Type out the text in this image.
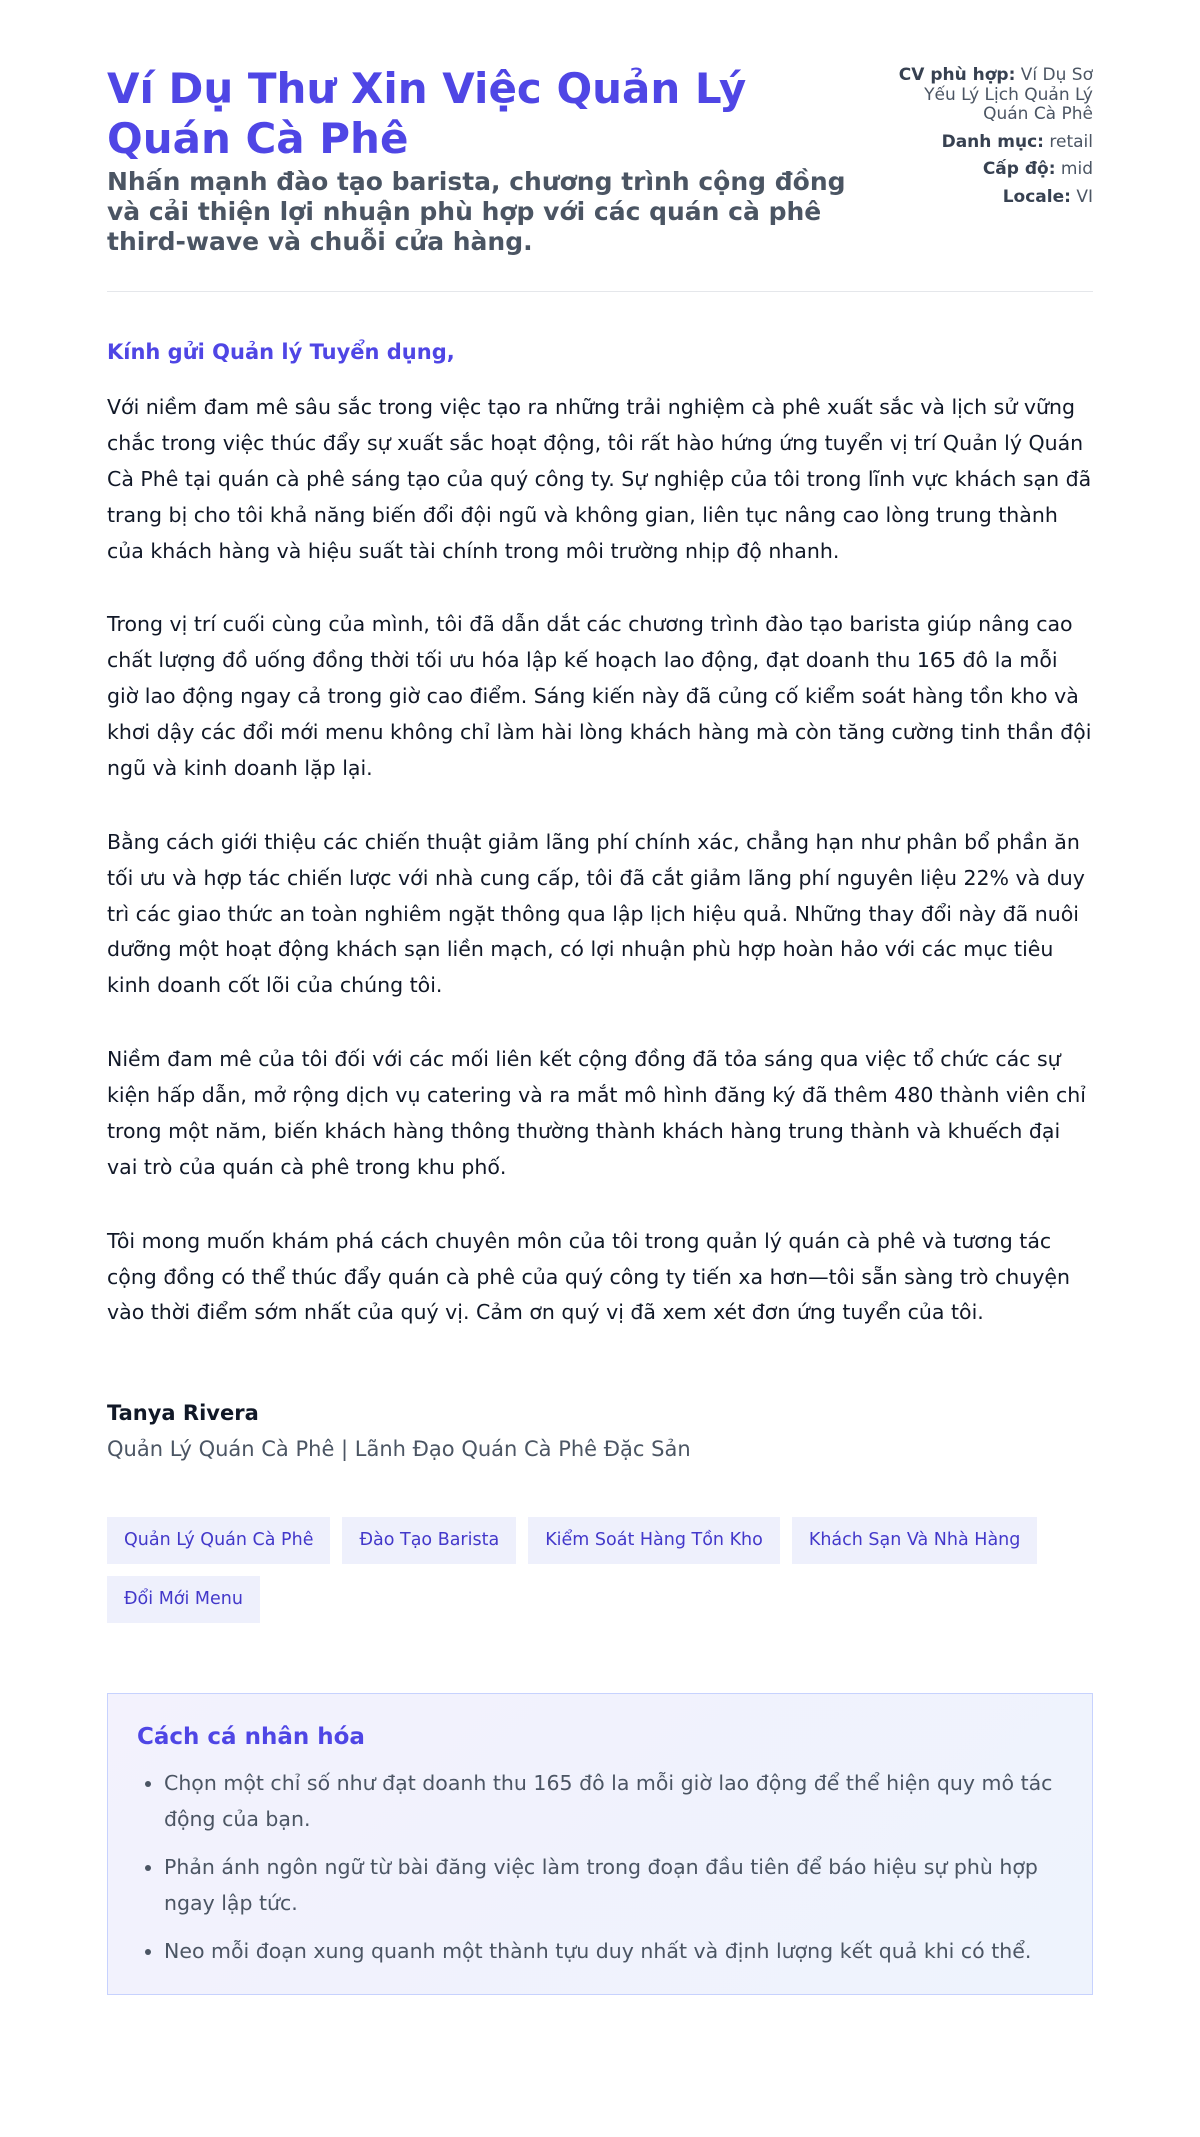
Ví Dụ Thư Xin Việc Quản Lý Quán Cà Phê
Nhấn mạnh đào tạo barista, chương trình cộng đồng và cải thiện lợi nhuận phù hợp với các quán cà phê third-wave và chuỗi cửa hàng.
CV phù hợp: Ví Dụ Sơ Yếu Lý Lịch Quản Lý Quán Cà Phê
Danh mục: retail
Cấp độ: mid
Locale: VI

Kính gửi Quản lý Tuyển dụng,

Với niềm đam mê sâu sắc trong việc tạo ra những trải nghiệm cà phê xuất sắc và lịch sử vững chắc trong việc thúc đẩy sự xuất sắc hoạt động, tôi rất hào hứng ứng tuyển vị trí Quản lý Quán Cà Phê tại quán cà phê sáng tạo của quý công ty. Sự nghiệp của tôi trong lĩnh vực khách sạn đã trang bị cho tôi khả năng biến đổi đội ngũ và không gian, liên tục nâng cao lòng trung thành của khách hàng và hiệu suất tài chính trong môi trường nhịp độ nhanh.

Trong vị trí cuối cùng của mình, tôi đã dẫn dắt các chương trình đào tạo barista giúp nâng cao chất lượng đồ uống đồng thời tối ưu hóa lập kế hoạch lao động, đạt doanh thu 165 đô la mỗi giờ lao động ngay cả trong giờ cao điểm. Sáng kiến này đã củng cố kiểm soát hàng tồn kho và khơi dậy các đổi mới menu không chỉ làm hài lòng khách hàng mà còn tăng cường tinh thần đội ngũ và kinh doanh lặp lại.

Bằng cách giới thiệu các chiến thuật giảm lãng phí chính xác, chẳng hạn như phân bổ phần ăn tối ưu và hợp tác chiến lược với nhà cung cấp, tôi đã cắt giảm lãng phí nguyên liệu 22% và duy trì các giao thức an toàn nghiêm ngặt thông qua lập lịch hiệu quả. Những thay đổi này đã nuôi dưỡng một hoạt động khách sạn liền mạch, có lợi nhuận phù hợp hoàn hảo với các mục tiêu kinh doanh cốt lõi của chúng tôi.

Niềm đam mê của tôi đối với các mối liên kết cộng đồng đã tỏa sáng qua việc tổ chức các sự kiện hấp dẫn, mở rộng dịch vụ catering và ra mắt mô hình đăng ký đã thêm 480 thành viên chỉ trong một năm, biến khách hàng thông thường thành khách hàng trung thành và khuếch đại vai trò của quán cà phê trong khu phố.

Tôi mong muốn khám phá cách chuyên môn của tôi trong quản lý quán cà phê và tương tác cộng đồng có thể thúc đẩy quán cà phê của quý công ty tiến xa hơn—tôi sẵn sàng trò chuyện vào thời điểm sớm nhất của quý vị. Cảm ơn quý vị đã xem xét đơn ứng tuyển của tôi.

Tanya Rivera

Quản Lý Quán Cà Phê | Lãnh Đạo Quán Cà Phê Đặc Sản

Quản Lý Quán Cà Phê	Đào Tạo Barista	Kiểm Soát Hàng Tồn Kho	Khách Sạn Và Nhà Hàng
Đổi Mới Menu
Cách cá nhân hóa
• Chọn một chỉ số như đạt doanh thu 165 đô la mỗi giờ lao động để thể hiện quy mô tác động của bạn.
• Phản ánh ngôn ngữ từ bài đăng việc làm trong đoạn đầu tiên để báo hiệu sự phù hợp ngay lập tức.
• Neo mỗi đoạn xung quanh một thành tựu duy nhất và định lượng kết quả khi có thể.
